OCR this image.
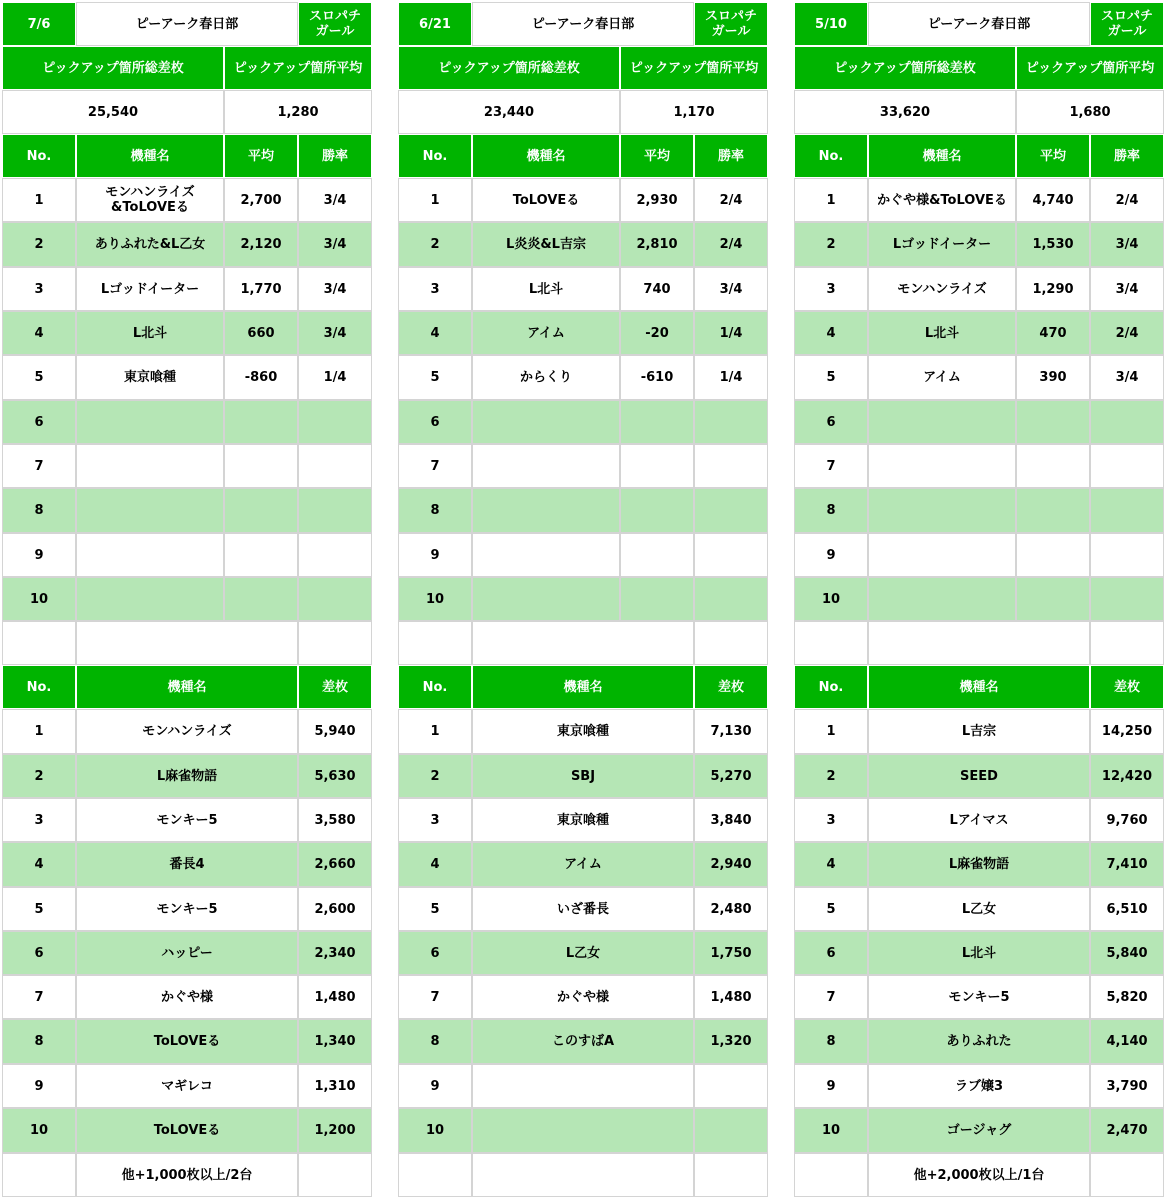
7/6	ピーアーク春日部	スロパチ
ガール
ピックアップ箇所総差枚	ピックアップ箇所平均
25,540	1,280
No.	機種名	平均	勝率
1	モンハンライズ
&ToLOVEる	2,700	3/4
2	ありふれた&L乙女	2,120	3/4
3	Lゴッドイーター	1,770	3/4
4	L北斗	660	3/4
5	東京喰種	-860	1/4
6
7
8
9
10
No.	機種名	差枚
1	モンハンライズ	5,940
2	L麻雀物語	5,630
3	モンキー5	3,580
4	番長4	2,660
5	モンキー5	2,600
6	ハッピー	2,340
7	かぐや様	1,480
8	ToLOVEる	1,340
9	マギレコ	1,310
10	ToLOVEる	1,200
他+1,000枚以上/2台
6/21	ピーアーク春日部	スロパチ
ガール
ピックアップ箇所総差枚	ピックアップ箇所平均
23,440	1,170
No.	機種名	平均	勝率
1	ToLOVEる	2,930	2/4
2	L炎炎&L吉宗	2,810	2/4
3	L北斗	740	3/4
4	アイム	-20	1/4
5	からくり	-610	1/4
6
7
8
9
10
No.	機種名	差枚
1	東京喰種	7,130
2	SBJ	5,270
3	東京喰種	3,840
4	アイム	2,940
5	いざ番長	2,480
6	L乙女	1,750
7	かぐや様	1,480
8	このすばA	1,320
9
10
5/10	ピーアーク春日部	スロパチ
ガール
ピックアップ箇所総差枚	ピックアップ箇所平均
33,620	1,680
No.	機種名	平均	勝率
1	かぐや様&ToLOVEる	4,740	2/4
2	Lゴッドイーター	1,530	3/4
3	モンハンライズ	1,290	3/4
4	L北斗	470	2/4
5	アイム	390	3/4
6
7
8
9
10
No.	機種名	差枚
1	L吉宗	14,250
2	SEED	12,420
3	Lアイマス	9,760
4	L麻雀物語	7,410
5	L乙女	6,510
6	L北斗	5,840
7	モンキー5	5,820
8	ありふれた	4,140
9	ラブ嬢3	3,790
10	ゴージャグ	2,470
他+2,000枚以上/1台
